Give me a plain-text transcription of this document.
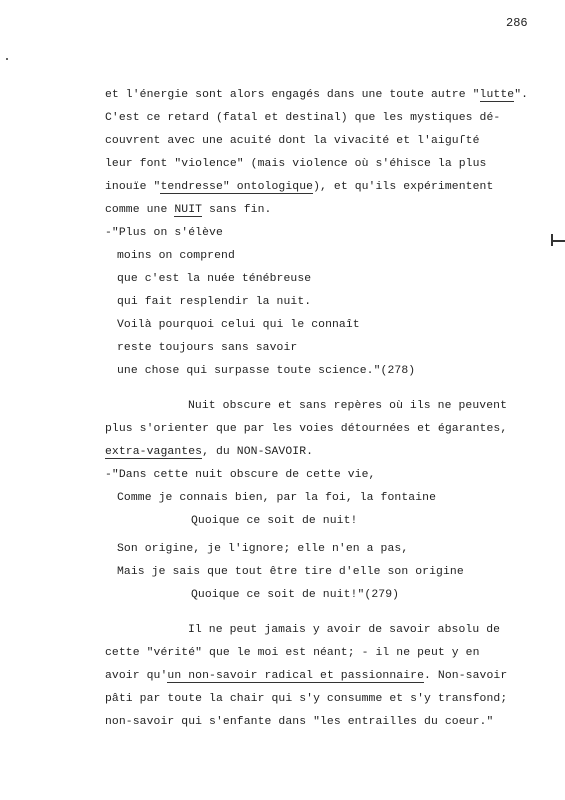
286
et l'énergie sont alors engagés dans une toute autre "lutte".
C'est ce retard (fatal et destinal) que les mystiques dé-
couvrent avec une acuité dont la vivacité et l'aiguſté
leur font "violence" (mais violence où s'éhisce la plus
inouïe "tendresse" ontologique), et qu'ils expérimentent
comme une NUIT sans fin.
-"Plus on s'élève
moins on comprend
que c'est la nuée ténébreuse
qui fait resplendir la nuit.
Voilà pourquoi celui qui le connaît
reste toujours sans savoir
une chose qui surpasse toute science."(278)
Nuit obscure et sans repères où ils ne peuvent
plus s'orienter que par les voies détournées et égarantes,
extra-vagantes, du NON-SAVOIR.
-"Dans cette nuit obscure de cette vie,
Comme je connais bien, par la foi, la fontaine
Quoique ce soit de nuit!
Son origine, je l'ignore; elle n'en a pas,
Mais je sais que tout être tire d'elle son origine
Quoique ce soit de nuit!"(279)
Il ne peut jamais y avoir de savoir absolu de
cette "vérité" que le moi est néant; - il ne peut y en
avoir qu'un non-savoir radical et passionnaire. Non-savoir
pâti par toute la chair qui s'y consumme et s'y transfond;
non-savoir qui s'enfante dans "les entrailles du coeur."
